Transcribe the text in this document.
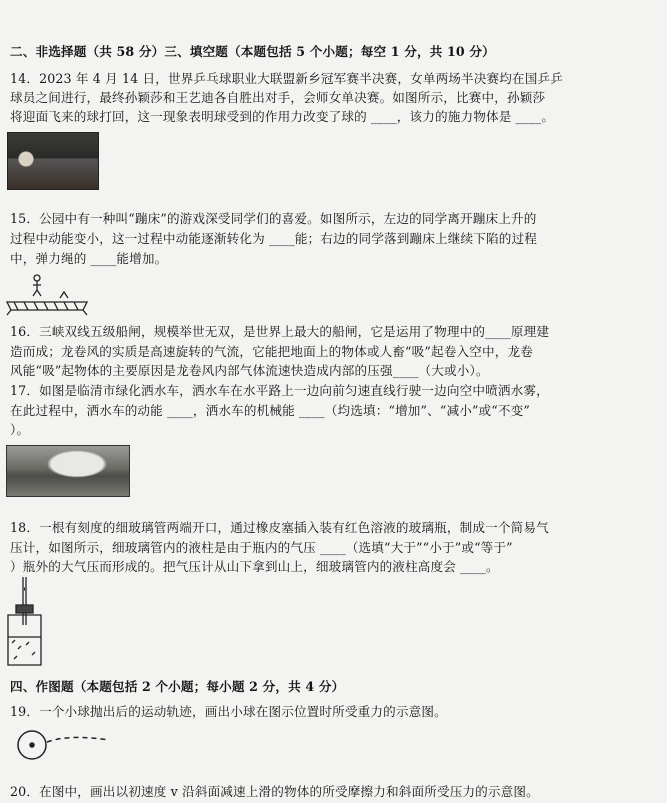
二、非选择题（共 58 分）三、填空题（本题包括 5 个小题；每空 1 分，共 10 分）
14．2023 年 4 月 14 日，世界乒乓球职业大联盟新乡冠军赛半决赛，女单两场半决赛均在国乒乒
球员之间进行，最终孙颖莎和王艺迪各自胜出对手，会师女单决赛。如图所示，比赛中，孙颖莎
将迎面飞来的球打回，这一现象表明球受到的作用力改变了球的 ____，该力的施力物体是 ____。
15．公园中有一种叫“蹦床”的游戏深受同学们的喜爱。如图所示，左边的同学离开蹦床上升的
过程中动能变小，这一过程中动能逐渐转化为 ____能；右边的同学落到蹦床上继续下陷的过程
中，弹力绳的 ____能增加。
16．三峡双线五级船闸，规模举世无双，是世界上最大的船闸，它是运用了物理中的____原理建
造而成；龙卷风的实质是高速旋转的气流，它能把地面上的物体或人畜“吸”起卷入空中，龙卷
风能“吸”起物体的主要原因是龙卷风内部气体流速快造成内部的压强____（大或小）。
17．如图是临清市绿化洒水车，洒水车在水平路上一边向前匀速直线行驶一边向空中喷洒水雾，
在此过程中，洒水车的动能 ____，洒水车的机械能 ____（均选填：“增加”、“减小”或“不变”
）。
18．一根有刻度的细玻璃管两端开口，通过橡皮塞插入装有红色溶液的玻璃瓶，制成一个简易气
压计，如图所示，细玻璃管内的液柱是由于瓶内的气压 ____（选填“大于”“小于”或“等于”
）瓶外的大气压而形成的。把气压计从山下拿到山上，细玻璃管内的液柱高度会 ____。
四、作图题（本题包括 2 个小题；每小题 2 分，共 4 分）
19．一个小球抛出后的运动轨迹，画出小球在图示位置时所受重力的示意图。
20．在图中，画出以初速度 v 沿斜面减速上滑的物体的所受摩擦力和斜面所受压力的示意图。
